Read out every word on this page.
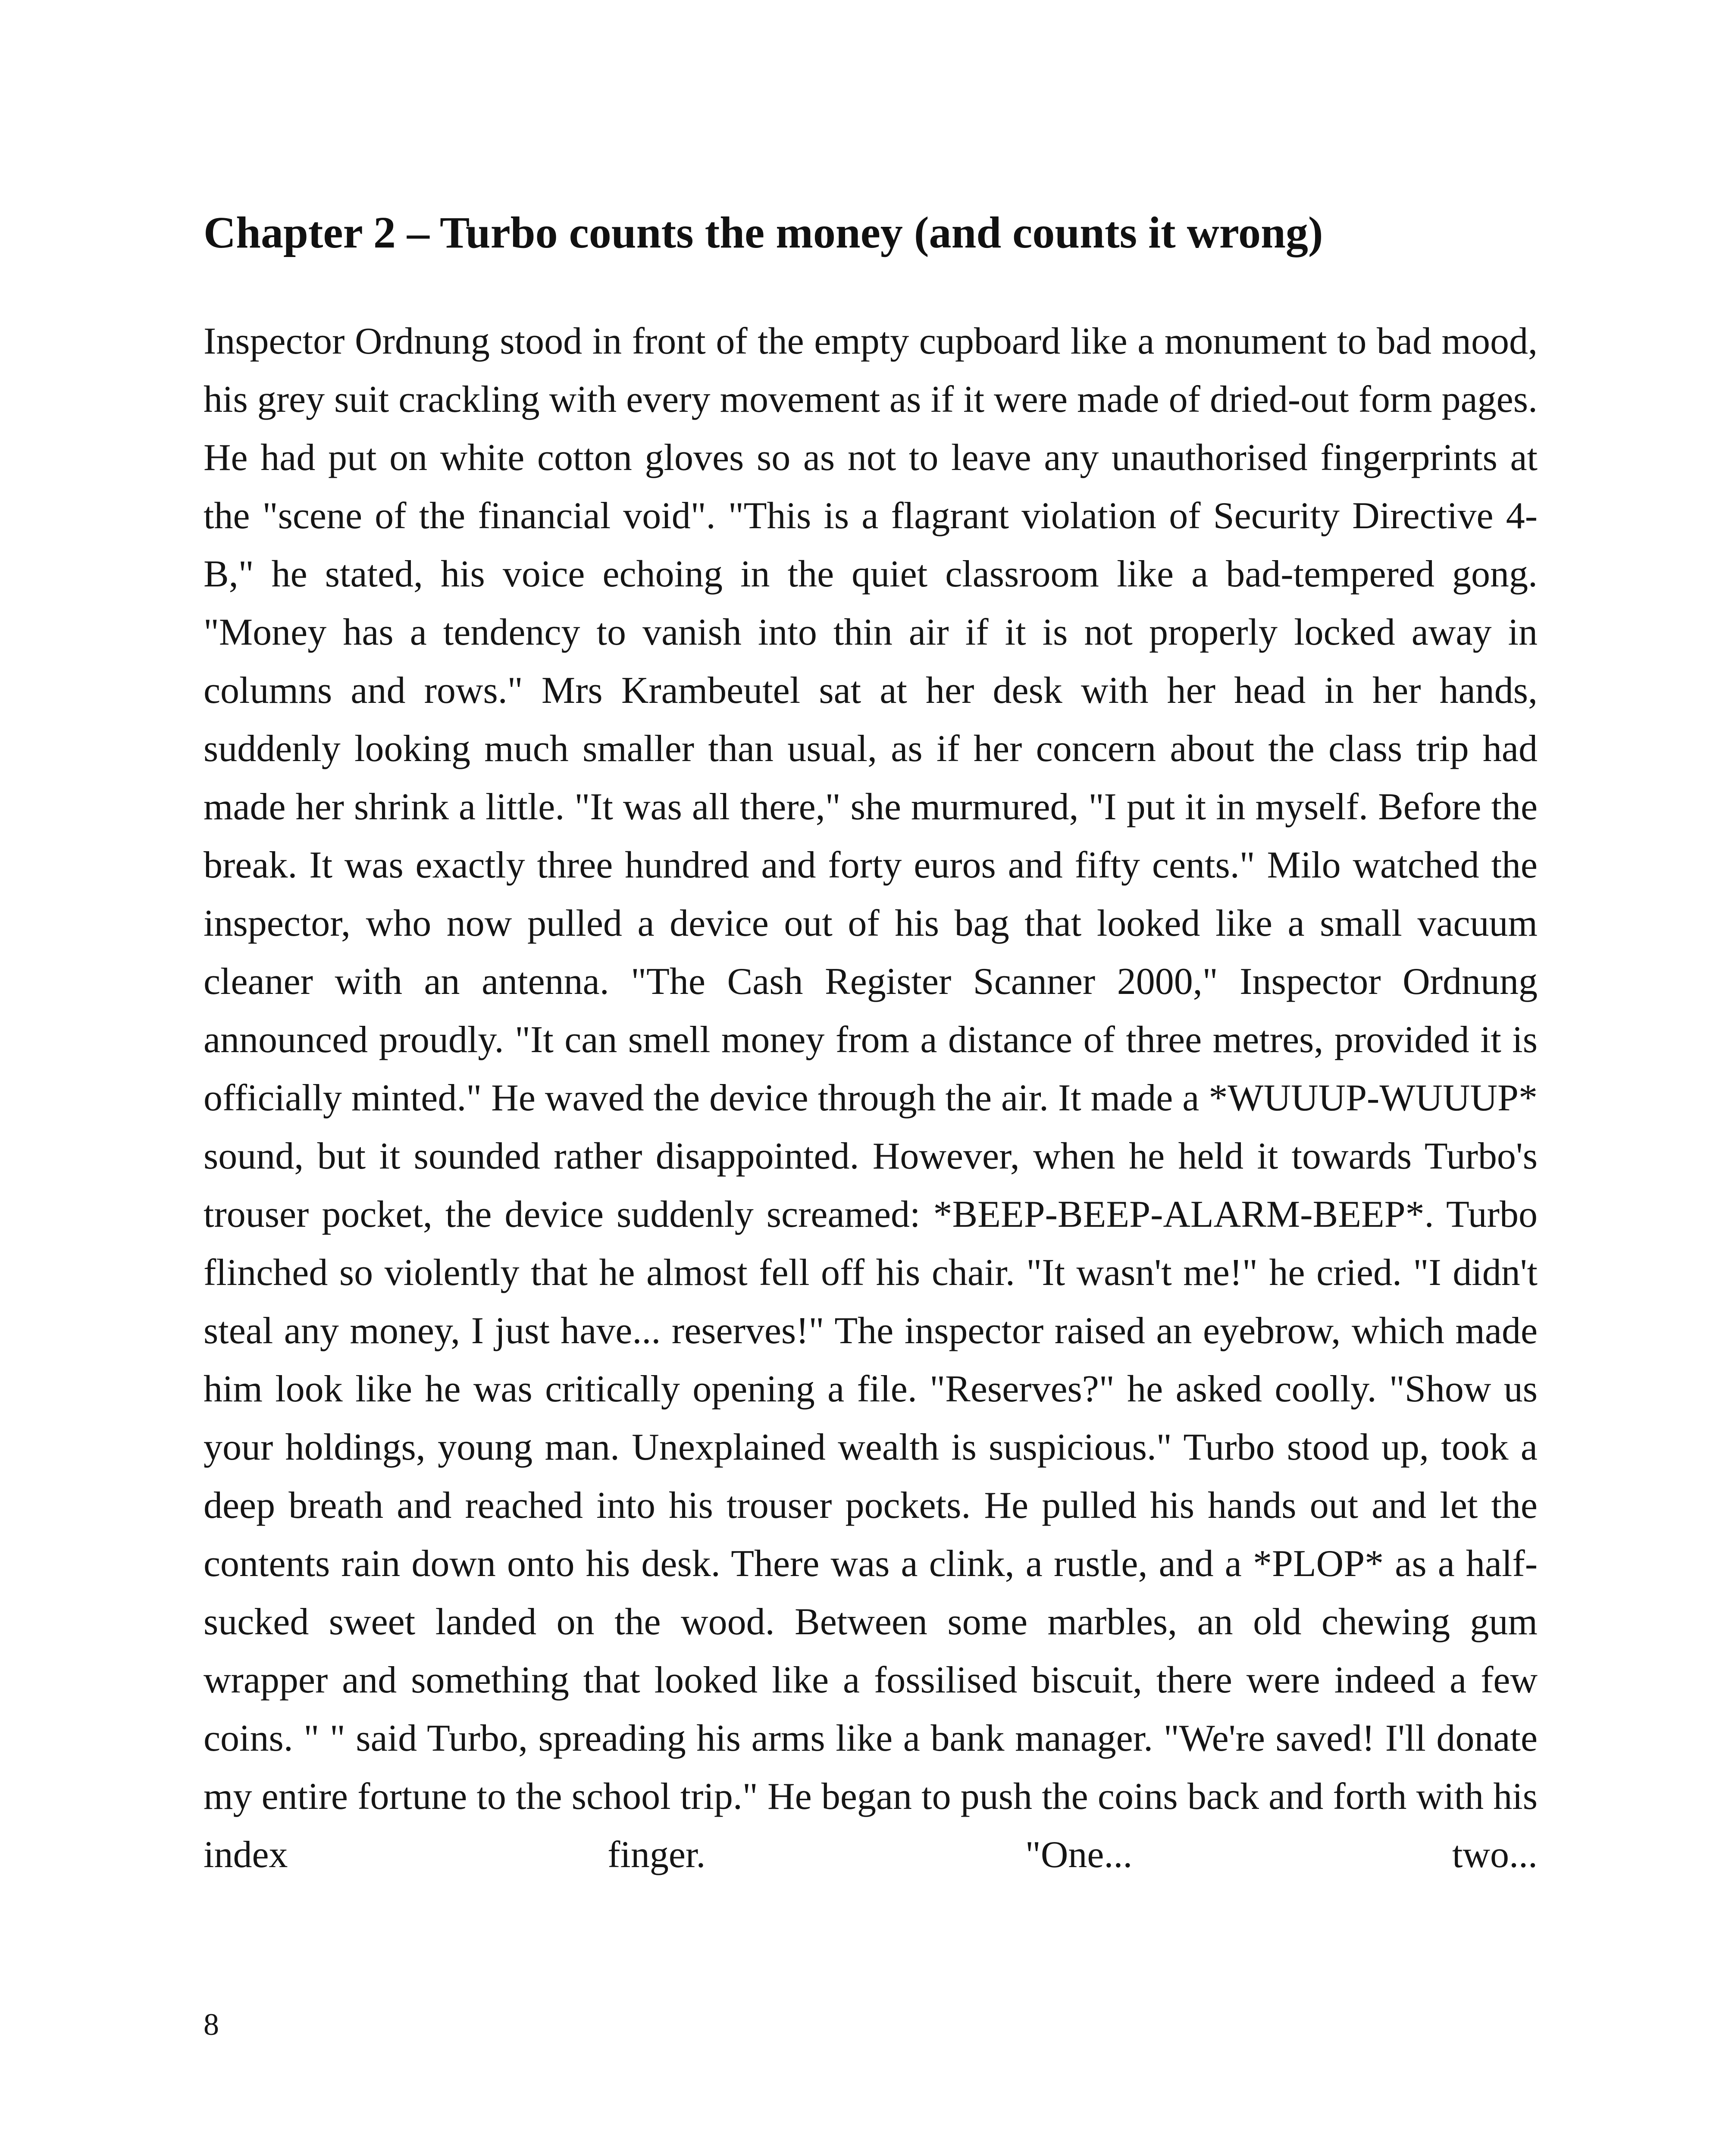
Chapter 2 – Turbo counts the money (and counts it wrong)

Inspector Ordnung stood in front of the empty cupboard like a monument to bad mood, his grey suit crackling with every movement as if it were made of dried-out form pages. He had put on white cotton gloves so as not to leave any unauthorised fingerprints at the "scene of the financial void". "This is a flagrant violation of Security Directive 4-B," he stated, his voice echoing in the quiet classroom like a bad-tempered gong. "Money has a tendency to vanish into thin air if it is not properly locked away in columns and rows." Mrs Krambeutel sat at her desk with her head in her hands, suddenly looking much smaller than usual, as if her concern about the class trip had made her shrink a little. "It was all there," she murmured, "I put it in myself. Before the break. It was exactly three hundred and forty euros and fifty cents." Milo watched the inspector, who now pulled a device out of his bag that looked like a small vacuum cleaner with an antenna. "The Cash Register Scanner 2000," Inspector Ordnung announced proudly. "It can smell money from a distance of three metres, provided it is officially minted." He waved the device through the air. It made a *WUUUP-WUUUP* sound, but it sounded rather disappointed. However, when he held it towards Turbo's trouser pocket, the device suddenly screamed: *BEEP-BEEP-ALARM-BEEP*. Turbo flinched so violently that he almost fell off his chair. "It wasn't me!" he cried. "I didn't steal any money, I just have... reserves!" The inspector raised an eyebrow, which made him look like he was critically opening a file. "Reserves?" he asked coolly. "Show us your holdings, young man. Unexplained wealth is suspicious." Turbo stood up, took a deep breath and reached into his trouser pockets. He pulled his hands out and let the contents rain down onto his desk. There was a clink, a rustle, and a *PLOP* as a half-sucked sweet landed on the wood. Between some marbles, an old chewing gum wrapper and something that looked like a fossilised biscuit, there were indeed a few coins. " " said Turbo, spreading his arms like a bank manager. "We're saved! I'll donate my entire fortune to the school trip." He began to push the coins back and forth with his index finger. "One... two...

8
